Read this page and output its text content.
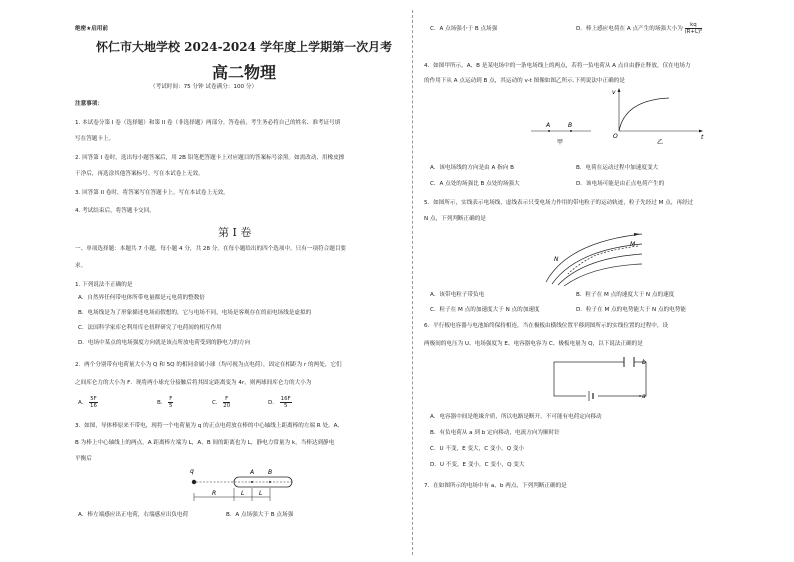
绝密★启用前
怀仁市大地学校 2024-2024 学年度上学期第一次月考
高二物理
（考试时间：75 分钟 试卷满分：100 分）
注意事项：
1. 本试卷分第 I 卷（选择题）和第 II 卷（非选择题）两部分。答卷前，考生务必将自己的姓名、准考证号填
写在答题卡上。
2. 回答第 I 卷时，选出每小题答案后，用 2B 铅笔把答题卡上对应题目的答案标号涂黑。如需改动，用橡皮擦
干净后，再选涂其他答案标号。写在本试卷上无效。
3. 回答第 II 卷时，将答案写在答题卡上。写在本试卷上无效。
4. 考试结束后，将答题卡交回。
第 I 卷
一、单项选择题：本题共 7 小题，每小题 4 分，共 28 分。在每小题给出的四个选项中，只有一项符合题目要
求。
1. 下列说法不正确的是
A．自然界任何带电体所带电量都是元电荷的整数倍
B．电场线是为了形象描述电场而假想的，它与电场不同，电场是客观存在的而电场线是虚拟的
C．法国科学家库仑利用库仑扭秤研究了电荷间的相互作用
D．电场中某点的电场强度方向就是该点所放电荷受到的静电力的方向
2．两个分别带有电荷量大小为 Q 和 5Q 的相同金属小球（均可视为点电荷），固定在相距为 r 的两处，它们
之间库仑力的大小为 F．现将两小球充分接触后将其固定距离变为 4r，则两球间库仑力的大小为
A． $\frac{5F}{16}$	B． $\frac{F}{5}$	C． $\frac{F}{20}$	D． $\frac{16F}{5}$
3．如图，导体棒原来不带电，现将一个电荷量为 q 的正点电荷放在棒的中心轴线上距离棒的左端 R 处。A、
B 为棒上中心轴线上的两点，A 距离棒左端为 L，A、B 间的距离也为 L，静电力常量为 k，当棒达到静电
平衡后
q	A B
R	L L
A．棒左端感应出正电荷，右端感应出负电荷	B．A 点场强大于 B 点场强
C．A 点场强小于 B 点场强	D．棒上感应电荷在 A 点产生的场强大小为 $\frac{kq}{\text{(R+L)²}}$
4．如图甲所示，A、B 是某电场中的一条电场线上的两点，若将一负电荷从 A 点自由静止释放，仅在电场力
的作用下从 A 点运动到 B 点，其运动的 v-t 图像如图乙所示.下列说法中正确的是
A	B
甲
v
t
O
乙
A．该电场线的方向是由 A 指向 B	B．电荷在运动过程中加速度变大
C．A 点处的场强比 B 点处的场强大	D．该电场可能是由正点电荷产生的
5．如图所示，实线表示电场线，虚线表示只受电场力作用的带电粒子的运动轨迹，粒子先经过 M 点，再经过
N 点，下列判断正确的是
M
N
A．该带电粒子带负电	B．粒子在 M 点的速度大于 N 点的速度
C．粒子在 M 点的加速度大于 N 点的加速度	D．粒子在 M 点的电势能大于 N 点的电势能
6．平行板电容器与电池始终保持相连，当在极板由横线位置平移到图所示的实线位置的过程中，设
两极间的电压为 U、电场强度为 E、电容器电容为 C、极板电量为 Q，以下说法正确的是
a
b
A．电容器中间是绝缘介质，所以电路是断开，不可能有电荷定向移动
B．有负电荷从 a 到 b 定向移动，电流方向为顺时针
C．U 不变，E 变大，C 变小，Q 变小
D．U 不变，E 变小，C 变小，Q 变大
7．在如图所示的电场中有 a、b 两点，下列判断正确的是
